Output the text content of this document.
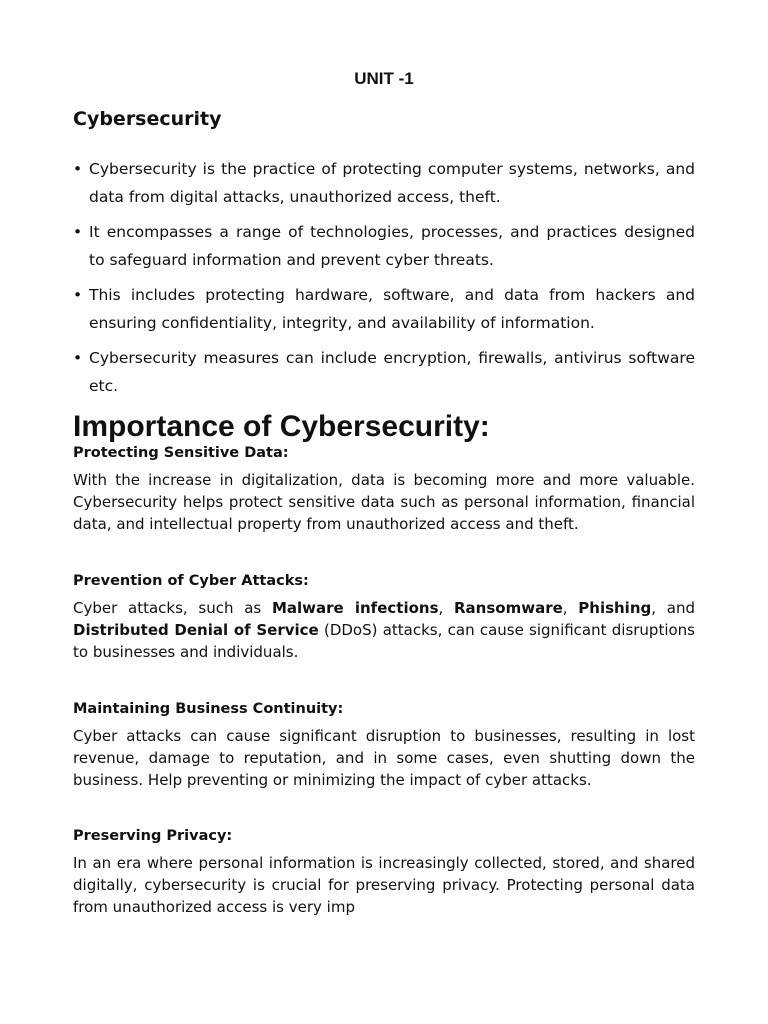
UNIT -1
Cybersecurity
• Cybersecurity is the practice of protecting computer systems, networks, and data from digital attacks, unauthorized access, theft.
• It encompasses a range of technologies, processes, and practices designed to safeguard information and prevent cyber threats.
• This includes protecting hardware, software, and data from hackers and ensuring confidentiality, integrity, and availability of information.
• Cybersecurity measures can include encryption, firewalls, antivirus software etc.
Importance of Cybersecurity:
Protecting Sensitive Data:

With the increase in digitalization, data is becoming more and more valuable. Cybersecurity helps protect sensitive data such as personal information, financial data, and intellectual property from unauthorized access and theft.

Prevention of Cyber Attacks:

Cyber attacks, such as Malware infections, Ransomware, Phishing, and Distributed Denial of Service (DDoS) attacks, can cause significant disruptions to businesses and individuals.

Maintaining Business Continuity:

Cyber attacks can cause significant disruption to businesses, resulting in lost revenue, damage to reputation, and in some cases, even shutting down the business. Help preventing or minimizing the impact of cyber attacks.

Preserving Privacy:

In an era where personal information is increasingly collected, stored, and shared digitally, cybersecurity is crucial for preserving privacy. Protecting personal data from unauthorized access is very imp
